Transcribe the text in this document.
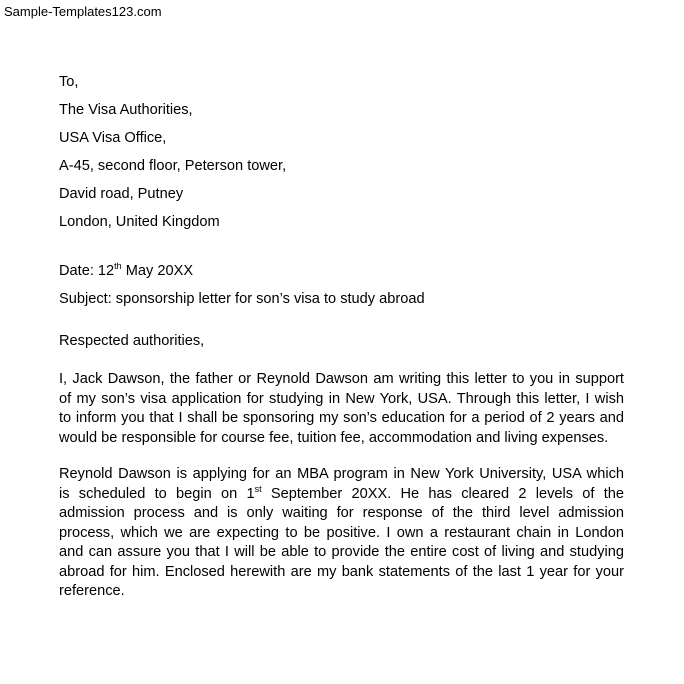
Sample-Templates123.com
To,
The Visa Authorities,
USA Visa Office,
A-45, second floor, Peterson tower,
David road, Putney
London, United Kingdom
Date: 12th May 20XX
Subject: sponsorship letter for son’s visa to study abroad
Respected authorities,

I, Jack Dawson, the father or Reynold Dawson am writing this letter to you in support
of my son’s visa application for studying in New York, USA. Through this letter, I wish
to inform you that I shall be sponsoring my son’s education for a period of 2 years and
would be responsible for course fee, tuition fee, accommodation and living expenses.

Reynold Dawson is applying for an MBA program in New York University, USA which
is scheduled to begin on 1st September 20XX. He has cleared 2 levels of the
admission process and is only waiting for response of the third level admission
process, which we are expecting to be positive. I own a restaurant chain in London
and can assure you that I will be able to provide the entire cost of living and studying
abroad for him. Enclosed herewith are my bank statements of the last 1 year for your
reference.
